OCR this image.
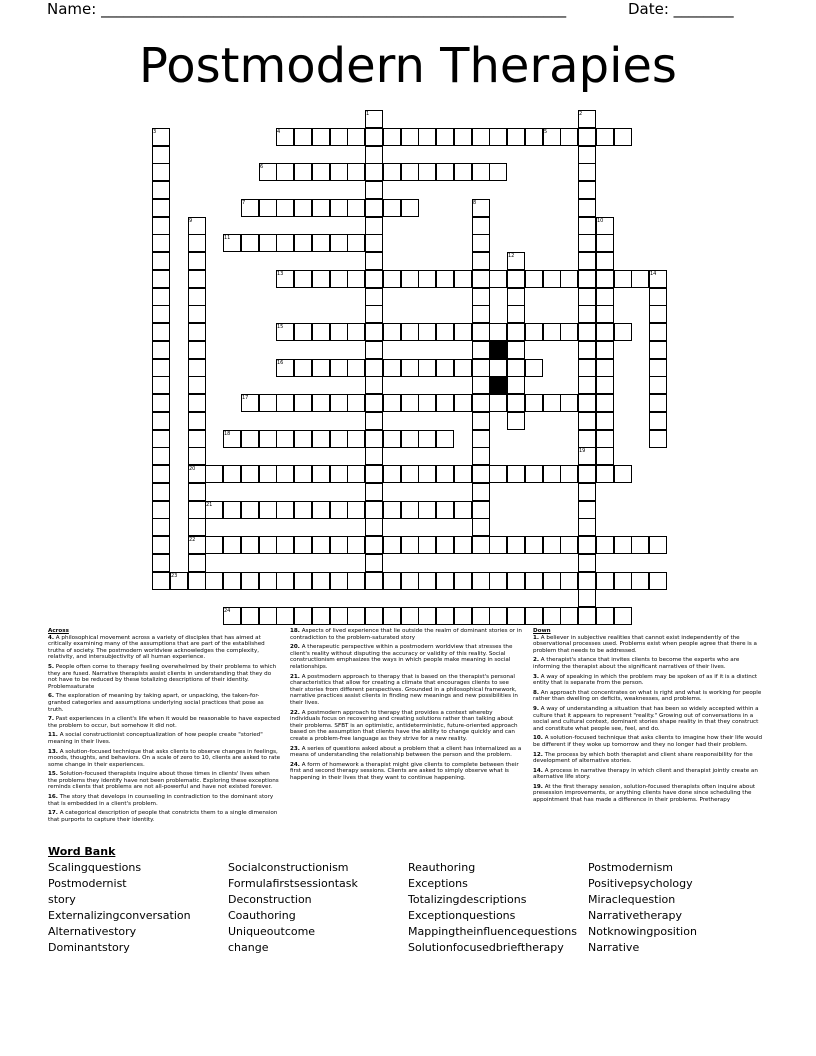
Name: ______________________________________________________________	Date: ________
Postmodern Therapies
1	2
3	4	5
6
7	8
9	10
11
12
13	14
15
16
17
18
19
20
21
22
23
24
Across
4. A philosophical movement across a variety of disciples that has aimed at critically examining many of the assumptions that are part of the established truths of society. The postmodern worldview acknowledges the complexity, relativity, and intersubjectivity of all human experience.
5. People often come to therapy feeling overwhelmed by their problems to which they are fused. Narrative therapists assist clients in understanding that they do not have to be reduced by these totalizing descriptions of their identity. Problemsaturate
6. The exploration of meaning by taking apart, or unpacking, the taken-for-granted categories and assumptions underlying social practices that pose as truth.
7. Past experiences in a client's life when it would be reasonable to have expected the problem to occur, but somehow it did not.
11. A social constructionist conceptualization of how people create "storied" meaning in their lives.
13. A solution-focused technique that asks clients to observe changes in feelings, moods, thoughts, and behaviors. On a scale of zero to 10, clients are asked to rate some change in their experiences.
15. Solution-focused therapists inquire about those times in clients' lives when the problems they identify have not been problematic. Exploring these exceptions reminds clients that problems are not all-powerful and have not existed forever.
16. The story that develops in counseling in contradiction to the dominant story that is embedded in a client's problem.
17. A categorical description of people that constricts them to a single dimension that purports to capture their identity.
18. Aspects of lived experience that lie outside the realm of dominant stories or in contradiction to the problem-saturated story
20. A therapeutic perspective within a postmodern worldview that stresses the client's reality without disputing the accuracy or validity of this reality. Social constructionism emphasizes the ways in which people make meaning in social relationships.
21. A postmodern approach to therapy that is based on the therapist's personal characteristics that allow for creating a climate that encourages clients to see their stories from different perspectives. Grounded in a philosophical framework, narrative practices assist clients in finding new meanings and new possibilities in their lives.
22. A postmodern approach to therapy that provides a context whereby individuals focus on recovering and creating solutions rather than talking about their problems. SFBT is an optimistic, antideterministic, future-oriented approach based on the assumption that clients have the ability to change quickly and can create a problem-free language as they strive for a new reality.
23. A series of questions asked about a problem that a client has internalized as a means of understanding the relationship between the person and the problem.
24. A form of homework a therapist might give clients to complete between their first and second therapy sessions. Clients are asked to simply observe what is happening in their lives that they want to continue happening.
Down
1. A believer in subjective realities that cannot exist independently of the observational processes used. Problems exist when people agree that there is a problem that needs to be addressed.
2. A therapist's stance that invites clients to become the experts who are informing the therapist about the significant narratives of their lives.
3. A way of speaking in which the problem may be spoken of as if it is a distinct entity that is separate from the person.
8. An approach that concentrates on what is right and what is working for people rather than dwelling on deficits, weaknesses, and problems.
9. A way of understanding a situation that has been so widely accepted within a culture that it appears to represent "reality." Growing out of conversations in a social and cultural context, dominant stories shape reality in that they construct and constitute what people see, feel, and do.
10. A solution-focused technique that asks clients to imagine how their life would be different if they woke up tomorrow and they no longer had their problem.
12. The process by which both therapist and client share responsibility for the development of alternative stories.
14. A process in narrative therapy in which client and therapist jointly create an alternative life story.
19. At the first therapy session, solution-focused therapists often inquire about presession improvements, or anything clients have done since scheduling the appointment that has made a difference in their problems. Pretherapy
Word Bank
Scalingquestions
Postmodernist
story
Externalizingconversation
Alternativestory
Dominantstory
Socialconstructionism
Formulafirstsessiontask
Deconstruction
Coauthoring
Uniqueoutcome
change
Reauthoring
Exceptions
Totalizingdescriptions
Exceptionquestions
Mappingtheinfluencequestions
Solutionfocusedbrieftherapy
Postmodernism
Positivepsychology
Miraclequestion
Narrativetherapy
Notknowingposition
Narrative
